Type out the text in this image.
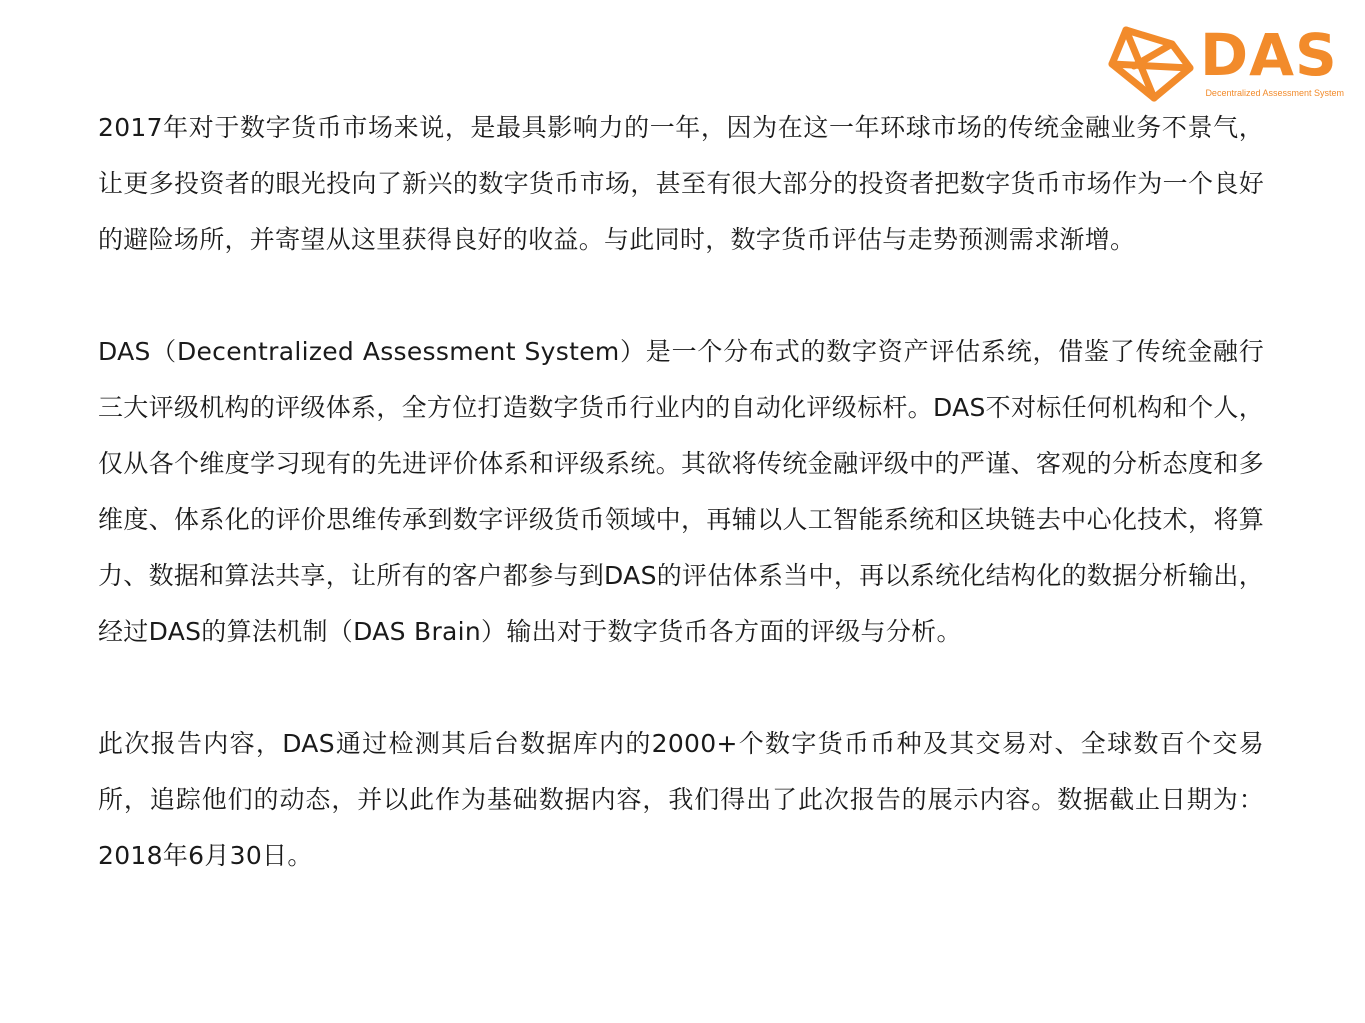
DAS
Decentralized Assessment System

2017年对于数字货币市场来说，是最具影响力的一年，因为在这一年环球市场的传统金融业务不景气，让更多投资者的眼光投向了新兴的数字货币市场，甚至有很大部分的投资者把数字货币市场作为一个良好的避险场所，并寄望从这里获得良好的收益。与此同时，数字货币评估与走势预测需求渐增。

DAS（Decentralized Assessment System）是一个分布式的数字资产评估系统，借鉴了传统金融行三大评级机构的评级体系，全方位打造数字货币行业内的自动化评级标杆。DAS不对标任何机构和个人，仅从各个维度学习现有的先进评价体系和评级系统。其欲将传统金融评级中的严谨、客观的分析态度和多维度、体系化的评价思维传承到数字评级货币领域中，再辅以人工智能系统和区块链去中心化技术，将算力、数据和算法共享，让所有的客户都参与到DAS的评估体系当中，再以系统化结构化的数据分析输出，经过DAS的算法机制（DAS Brain）输出对于数字货币各方面的评级与分析。

此次报告内容，DAS通过检测其后台数据库内的2000+个数字货币币种及其交易对、全球数百个交易所，追踪他们的动态，并以此作为基础数据内容，我们得出了此次报告的展示内容。数据截止日期为：2018年6月30日。
